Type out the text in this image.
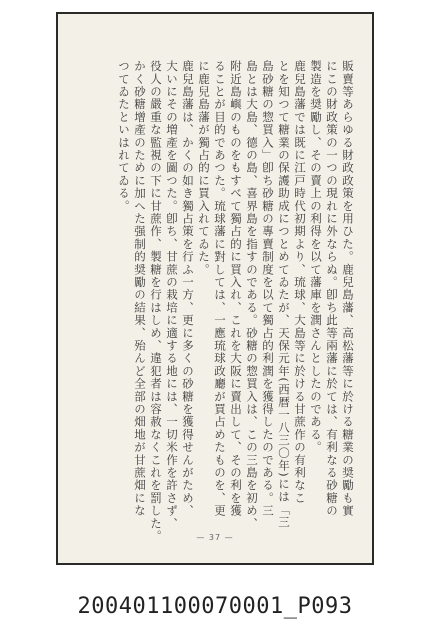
販賣等あらゆる財政政策を用ひた。鹿兒島藩、高松藩等に於ける糖業の奨勵も實
にこの財政策の一つの現れに外ならぬ。卽ち此等兩藩に於ては、有利なる砂糖の
製造を奨勵し、その賣上の利得を以て藩庫を潤さんとしたのである。
鹿兒島藩では既に江戸時代初期より、琉球、大島等に於ける甘蔗作の有利なこ
とを知つて糖業の保護助成につとめてゐたが、天保元年(西暦一八三〇年)には「三
島砂糖の惣買入」卽ち砂糖の專賣制度を以て獨占的利潤を獲得したのである。三
島とは大島、德の島、喜界島を指すのである。砂糖の惣買入は、この三島を初め、
附近島嶼のものをもすべて獨占的に買入れ、これを大阪に賣出して、その利を獲
ることが目的であつた。琉球藩に對しては、一應琉球政廳が買占めたものを、更
に鹿兒島藩が獨占的に買入れてゐた。
鹿兒島藩は、かくの如き獨占策を行ふ一方、更に多くの砂糖を獲得せんがため、
大いにその増產を圖つた。卽ち、甘蔗の栽培に適する地には、一切米作を許さず、
役人の嚴重な監視の下に甘蔗作、製糖を行はしめ、違犯者は容赦なくこれを罰した。
かく砂糖增產のために加へた强制的奨勵の結果、殆んど全部の畑地が甘蔗畑にな
つてゐたといはれてゐる。
— 37 —
200401100070001_P093
